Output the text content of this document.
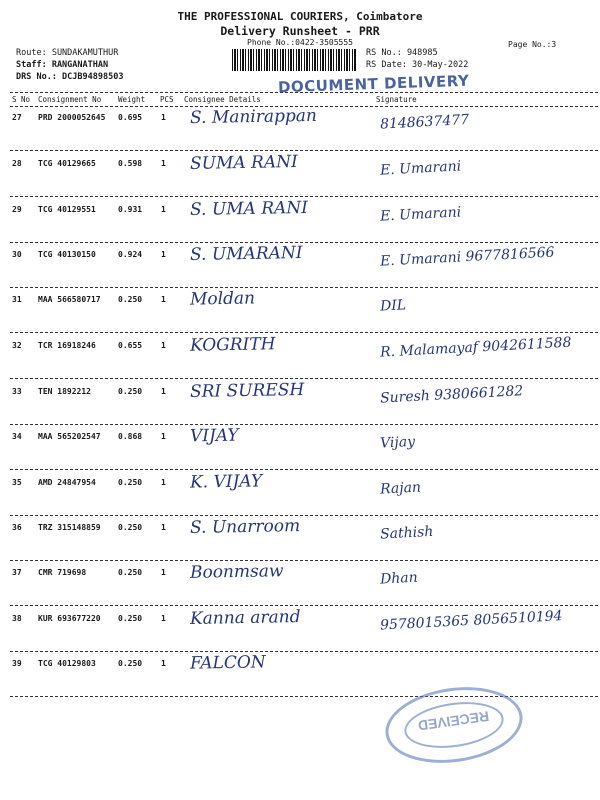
THE PROFESSIONAL COURIERS, Coimbatore
Delivery Runsheet - PRR
Phone No.:0422-3505555	Page No.:3
Route: SUNDAKAMUTHUR
Staff: RANGANATHAN
DRS No.: DCJB94898503
RS No.: 948985
RS Date: 30-May-2022
DOCUMENT DELIVERY
S No Consignment No Weight PCS Consignee Details	Signature
27 PRD 2000052645 0.695 1 S. Manirappan	8148637477
28 TCG 40129665	0.598 1 SUMA RANI	E. Umarani
29 TCG 40129551	0.931 1 S. UMA RANI	E. Umarani
30 TCG 40130150	0.924 1 S. UMARANI	E. Umarani 9677816566
31 MAA 566580717 0.250 1 Moldan	DIL
32 TCR 16918246	0.655 1 KOGRITH	R. Malamayaf 9042611588
33 TEN 1892212	0.250 1 SRI SURESH	Suresh 9380661282
34 MAA 565202547 0.868 1 VIJAY	Vijay
35 AMD 24847954	0.250 1 K. VIJAY	Rajan
36 TRZ 315148859 0.250 1 S. Unarroom	Sathish
37 CMR 719698	0.250 1 Boonmsaw	Dhan
38 KUR 693677220 0.250 1 Kanna arand	9578015365 8056510194
39 TCG 40129803	0.250 1 FALCON
RECEIVED
